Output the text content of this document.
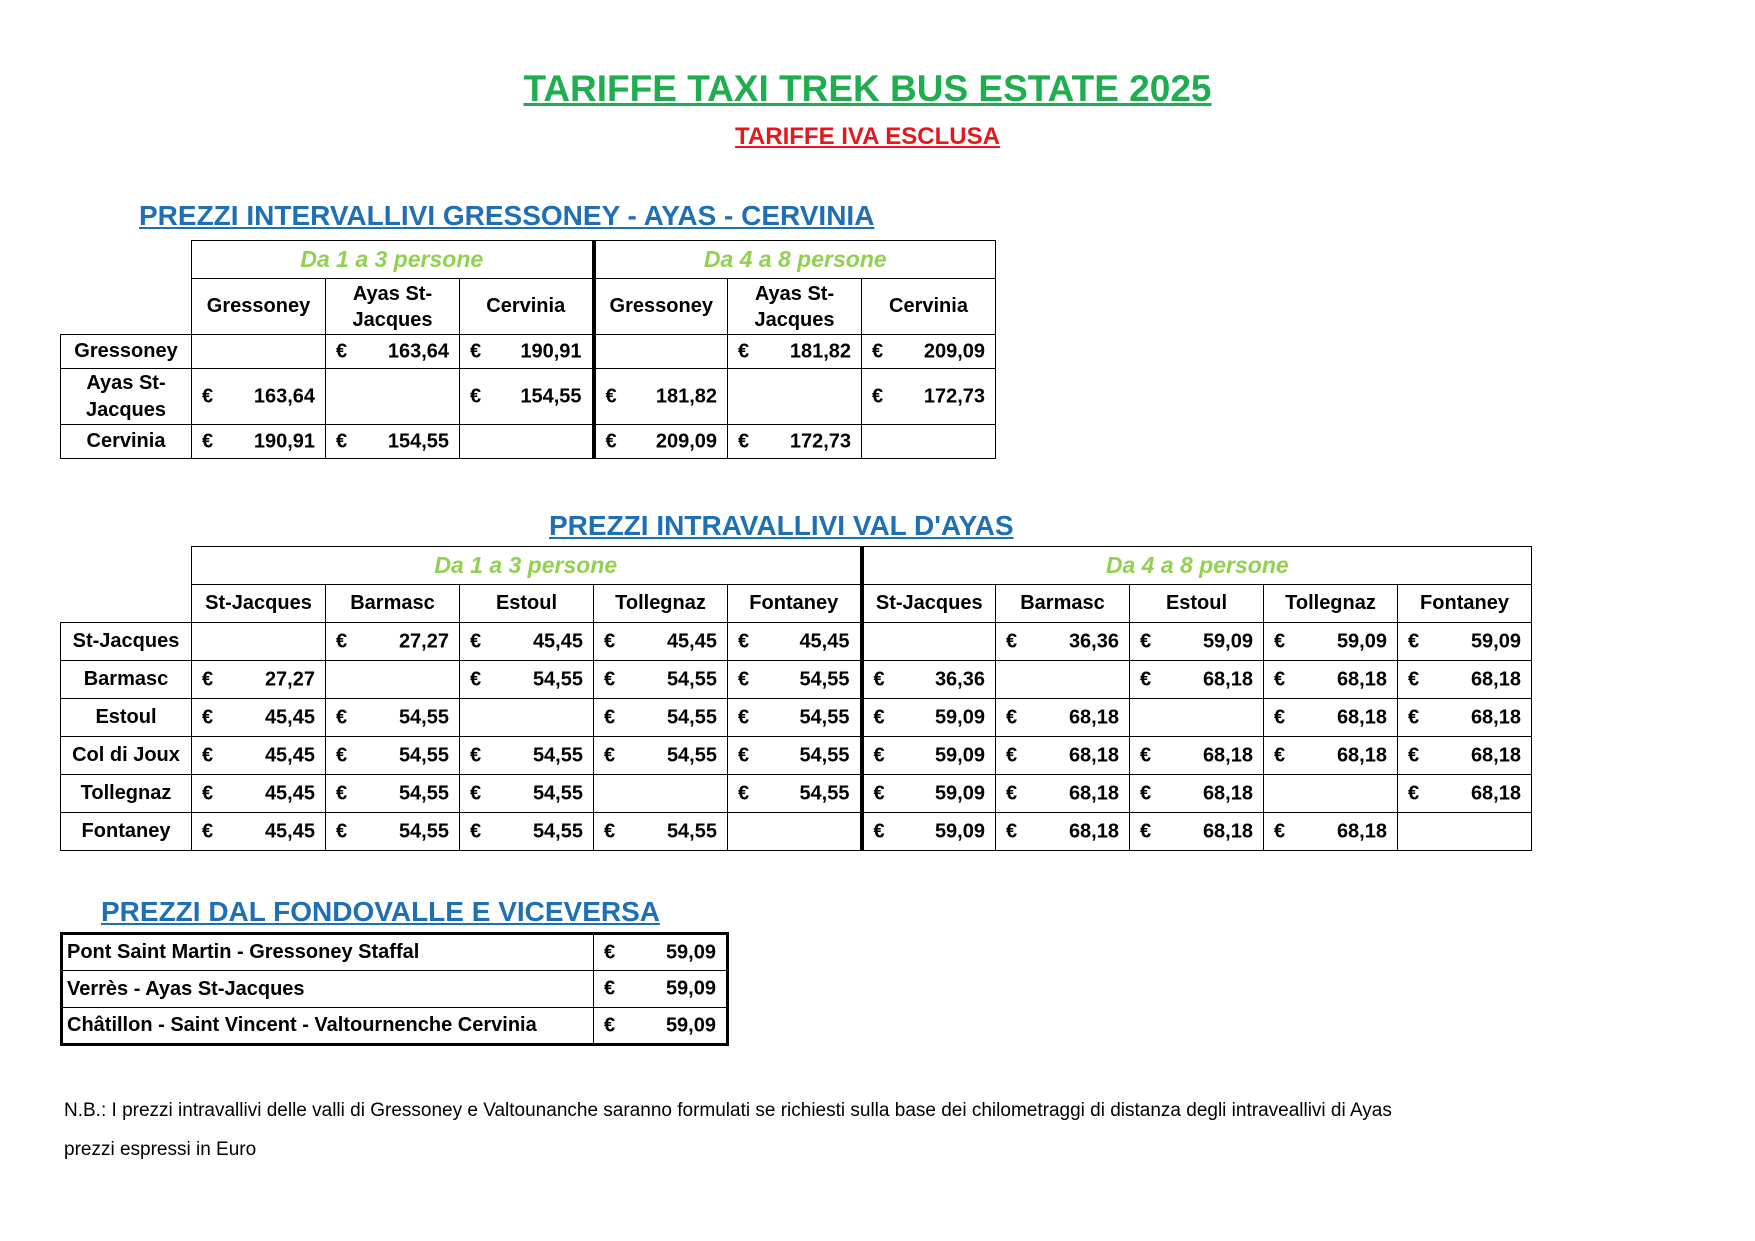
TARIFFE TAXI TREK BUS ESTATE 2025
TARIFFE IVA ESCLUSA
PREZZI INTERVALLIVI GRESSONEY - AYAS - CERVINIA
	Da 1 a 3 persone			Da 4 a 8 persone		
	Gressoney	Ayas St-Jacques	Cervinia	Gressoney	Ayas St-Jacques	Cervinia
Gressoney		€ 163,64	€ 190,91		€ 181,82	€ 209,09

Ayas St-Jacques	€ 163,64		€ 154,55	€ 181,82		€ 172,73

Cervinia	€ 190,91	€ 154,55		€ 209,09	€ 172,73	

PREZZI INTRAVALLIVI VAL D'AYAS
	Da 1 a 3 persone					Da 4 a 8 persone				
	St-Jacques	Barmasc	Estoul	Tollegnaz	Fontaney	St-Jacques	Barmasc	Estoul	Tollegnaz	Fontaney
St-Jacques		€ 27,27	€ 45,45	€ 45,45	€ 45,45		€ 36,36	€ 59,09	€ 59,09	€ 59,09

Barmasc	€ 27,27		€ 54,55	€ 54,55	€ 54,55	€ 36,36		€ 68,18	€ 68,18	€ 68,18

Estoul	€ 45,45	€ 54,55		€ 54,55	€ 54,55	€ 59,09	€ 68,18		€ 68,18	€ 68,18

Col di Joux	€ 45,45	€ 54,55	€ 54,55	€ 54,55	€ 54,55	€ 59,09	€ 68,18	€ 68,18	€ 68,18	€ 68,18

Tollegnaz	€ 45,45	€ 54,55	€ 54,55		€ 54,55	€ 59,09	€ 68,18	€ 68,18		€ 68,18

Fontaney	€ 45,45	€ 54,55	€ 54,55	€ 54,55		€ 59,09	€ 68,18	€ 68,18	€ 68,18	

PREZZI DAL FONDOVALLE E VICEVERSA
Pont Saint Martin - Gressoney Staffal	€ 59,09

Verrès - Ayas St-Jacques	€ 59,09

Châtillon - Saint Vincent - Valtournenche Cervinia	€ 59,09
N.B.: I prezzi intravallivi delle valli di Gressoney e Valtounanche saranno formulati se richiesti sulla base dei chilometraggi di distanza degli intraveallivi di Ayas
prezzi espressi in Euro
